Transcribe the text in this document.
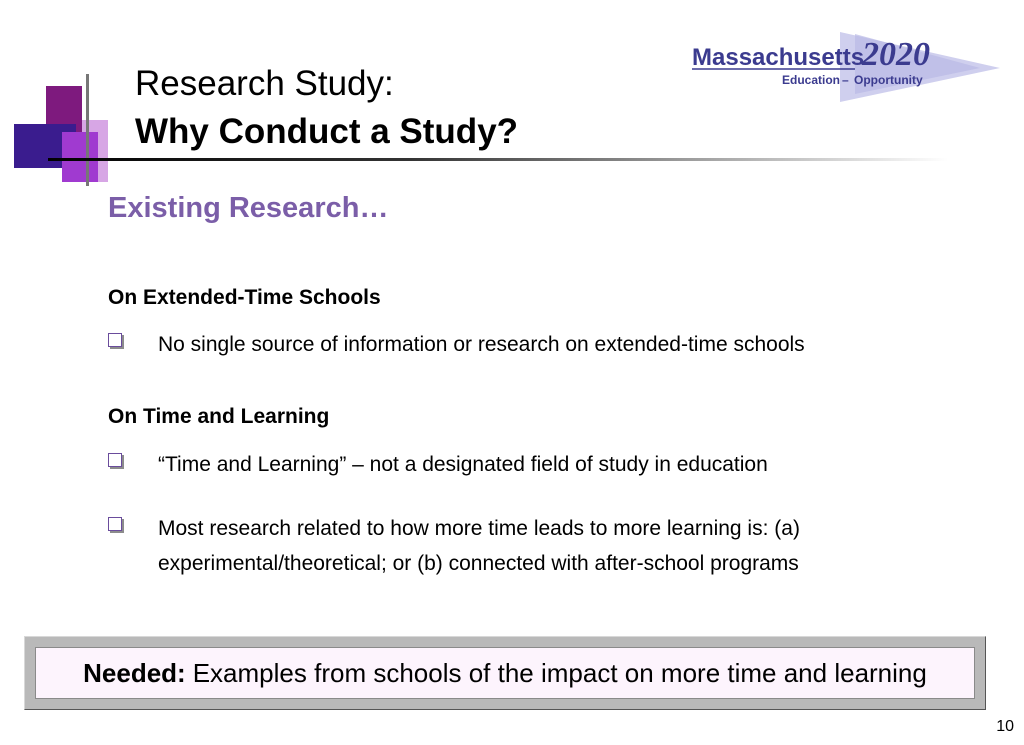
Research Study:
Why Conduct a Study?
Massachusetts
2020
Education – Opportunity
Existing Research…
On Extended-Time Schools
No single source of information or research on extended-time schools
On Time and Learning
“Time and Learning” – not a designated field of study in education
Most research related to how more time leads to more learning is: (a) experimental/theoretical; or (b) connected with after-school programs
Needed: Examples from schools of the impact on more time and learning
10
